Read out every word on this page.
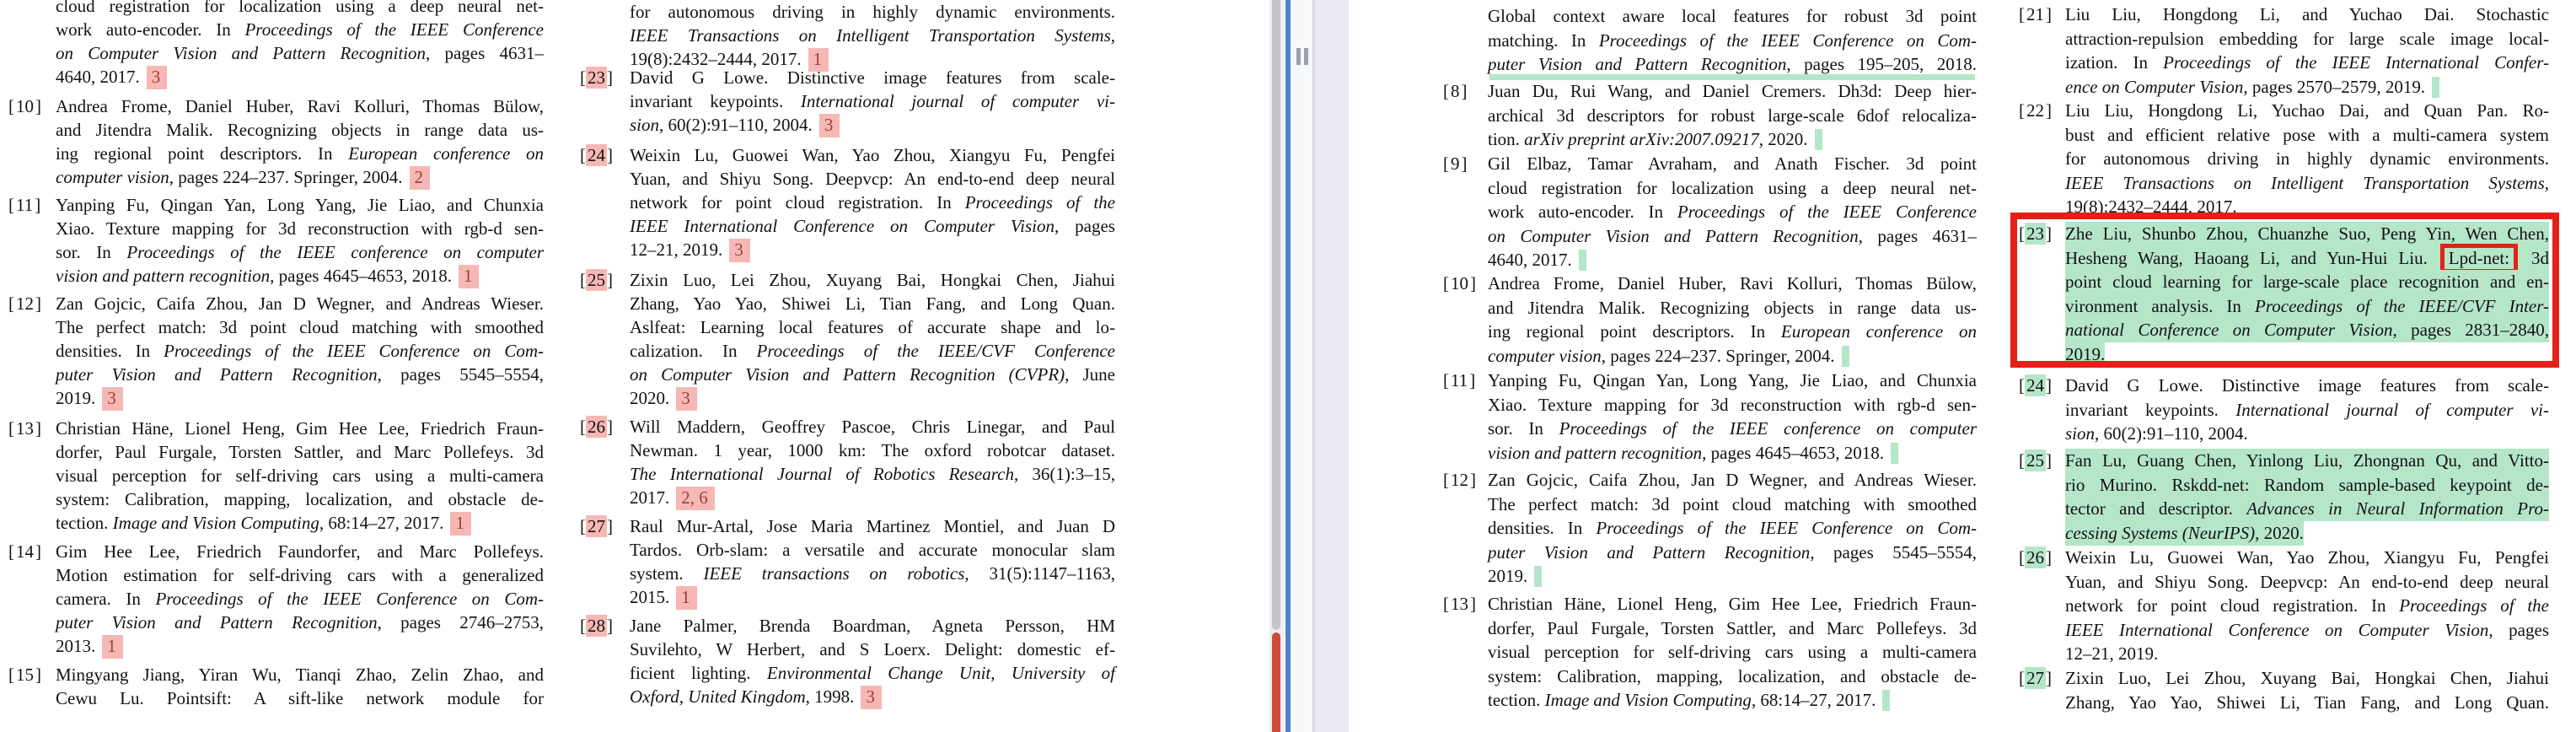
cloud registration for localization using a deep neural net-
work auto-encoder. In Proceedings of the IEEE Conference
on Computer Vision and Pattern Recognition, pages 4631–
4640, 2017. 3
[10] Andrea Frome, Daniel Huber, Ravi Kolluri, Thomas Bülow,
and Jitendra Malik. Recognizing objects in range data us-
ing regional point descriptors. In European conference on
computer vision, pages 224–237. Springer, 2004. 2
[11] Yanping Fu, Qingan Yan, Long Yang, Jie Liao, and Chunxia
Xiao. Texture mapping for 3d reconstruction with rgb-d sen-
sor. In Proceedings of the IEEE conference on computer
vision and pattern recognition, pages 4645–4653, 2018. 1
[12] Zan Gojcic, Caifa Zhou, Jan D Wegner, and Andreas Wieser.
The perfect match: 3d point cloud matching with smoothed
densities. In Proceedings of the IEEE Conference on Com-
puter Vision and Pattern Recognition, pages 5545–5554,
2019. 3
[13] Christian Häne, Lionel Heng, Gim Hee Lee, Friedrich Fraun-
dorfer, Paul Furgale, Torsten Sattler, and Marc Pollefeys. 3d
visual perception for self-driving cars using a multi-camera
system: Calibration, mapping, localization, and obstacle de-
tection. Image and Vision Computing, 68:14–27, 2017. 1
[14] Gim Hee Lee, Friedrich Faundorfer, and Marc Pollefeys.
Motion estimation for self-driving cars with a generalized
camera. In Proceedings of the IEEE Conference on Com-
puter Vision and Pattern Recognition, pages 2746–2753,
2013. 1
[15] Mingyang Jiang, Yiran Wu, Tianqi Zhao, Zelin Zhao, and
Cewu Lu. Pointsift: A sift-like network module for
for autonomous driving in highly dynamic environments.
IEEE Transactions on Intelligent Transportation Systems,
19(8):2432–2444, 2017. 1
[23] David G Lowe. Distinctive image features from scale-
invariant keypoints. International journal of computer vi-
sion, 60(2):91–110, 2004. 3
[24] Weixin Lu, Guowei Wan, Yao Zhou, Xiangyu Fu, Pengfei
Yuan, and Shiyu Song. Deepvcp: An end-to-end deep neural
network for point cloud registration. In Proceedings of the
IEEE International Conference on Computer Vision, pages
12–21, 2019. 3
[25] Zixin Luo, Lei Zhou, Xuyang Bai, Hongkai Chen, Jiahui
Zhang, Yao Yao, Shiwei Li, Tian Fang, and Long Quan.
Aslfeat: Learning local features of accurate shape and lo-
calization. In Proceedings of the IEEE/CVF Conference
on Computer Vision and Pattern Recognition (CVPR), June
2020. 3
[26] Will Maddern, Geoffrey Pascoe, Chris Linegar, and Paul
Newman. 1 year, 1000 km: The oxford robotcar dataset.
The International Journal of Robotics Research, 36(1):3–15,
2017. 2, 6
[27] Raul Mur-Artal, Jose Maria Martinez Montiel, and Juan D
Tardos. Orb-slam: a versatile and accurate monocular slam
system. IEEE transactions on robotics, 31(5):1147–1163,
2015. 1
[28] Jane Palmer, Brenda Boardman, Agneta Persson, HM
Suvilehto, W Herbert, and S Loerx. Delight: domestic ef-
ficient lighting. Environmental Change Unit, University of
Oxford, United Kingdom, 1998. 3
Global context aware local features for robust 3d point
matching. In Proceedings of the IEEE Conference on Com-
puter Vision and Pattern Recognition, pages 195–205, 2018.
[8] Juan Du, Rui Wang, and Daniel Cremers. Dh3d: Deep hier-
archical 3d descriptors for robust large-scale 6dof relocaliza-
tion. arXiv preprint arXiv:2007.09217, 2020.
[9] Gil Elbaz, Tamar Avraham, and Anath Fischer. 3d point
cloud registration for localization using a deep neural net-
work auto-encoder. In Proceedings of the IEEE Conference
on Computer Vision and Pattern Recognition, pages 4631–
4640, 2017.
[10] Andrea Frome, Daniel Huber, Ravi Kolluri, Thomas Bülow,
and Jitendra Malik. Recognizing objects in range data us-
ing regional point descriptors. In European conference on
computer vision, pages 224–237. Springer, 2004.
[11] Yanping Fu, Qingan Yan, Long Yang, Jie Liao, and Chunxia
Xiao. Texture mapping for 3d reconstruction with rgb-d sen-
sor. In Proceedings of the IEEE conference on computer
vision and pattern recognition, pages 4645–4653, 2018.
[12] Zan Gojcic, Caifa Zhou, Jan D Wegner, and Andreas Wieser.
The perfect match: 3d point cloud matching with smoothed
densities. In Proceedings of the IEEE Conference on Com-
puter Vision and Pattern Recognition, pages 5545–5554,
2019.
[13] Christian Häne, Lionel Heng, Gim Hee Lee, Friedrich Fraun-
dorfer, Paul Furgale, Torsten Sattler, and Marc Pollefeys. 3d
visual perception for self-driving cars using a multi-camera
system: Calibration, mapping, localization, and obstacle de-
tection. Image and Vision Computing, 68:14–27, 2017.
[21] Liu Liu, Hongdong Li, and Yuchao Dai. Stochastic
attraction-repulsion embedding for large scale image local-
ization. In Proceedings of the IEEE International Confer-
ence on Computer Vision, pages 2570–2579, 2019.
[22] Liu Liu, Hongdong Li, Yuchao Dai, and Quan Pan. Ro-
bust and efficient relative pose with a multi-camera system
for autonomous driving in highly dynamic environments.
IEEE Transactions on Intelligent Transportation Systems,
19(8):2432–2444, 2017.
[23] Zhe Liu, Shunbo Zhou, Chuanzhe Suo, Peng Yin, Wen Chen,
Hesheng Wang, Haoang Li, and Yun-Hui Liu. Lpd-net: 3d
point cloud learning for large-scale place recognition and en-
vironment analysis. In Proceedings of the IEEE/CVF Inter-
national Conference on Computer Vision, pages 2831–2840,
2019.
[24] David G Lowe. Distinctive image features from scale-
invariant keypoints. International journal of computer vi-
sion, 60(2):91–110, 2004.
[25] Fan Lu, Guang Chen, Yinlong Liu, Zhongnan Qu, and Vitto-
rio Murino. Rskdd-net: Random sample-based keypoint de-
tector and descriptor. Advances in Neural Information Pro-
cessing Systems (NeurIPS), 2020.
[26] Weixin Lu, Guowei Wan, Yao Zhou, Xiangyu Fu, Pengfei
Yuan, and Shiyu Song. Deepvcp: An end-to-end deep neural
network for point cloud registration. In Proceedings of the
IEEE International Conference on Computer Vision, pages
12–21, 2019.
[27] Zixin Luo, Lei Zhou, Xuyang Bai, Hongkai Chen, Jiahui
Zhang, Yao Yao, Shiwei Li, Tian Fang, and Long Quan.
